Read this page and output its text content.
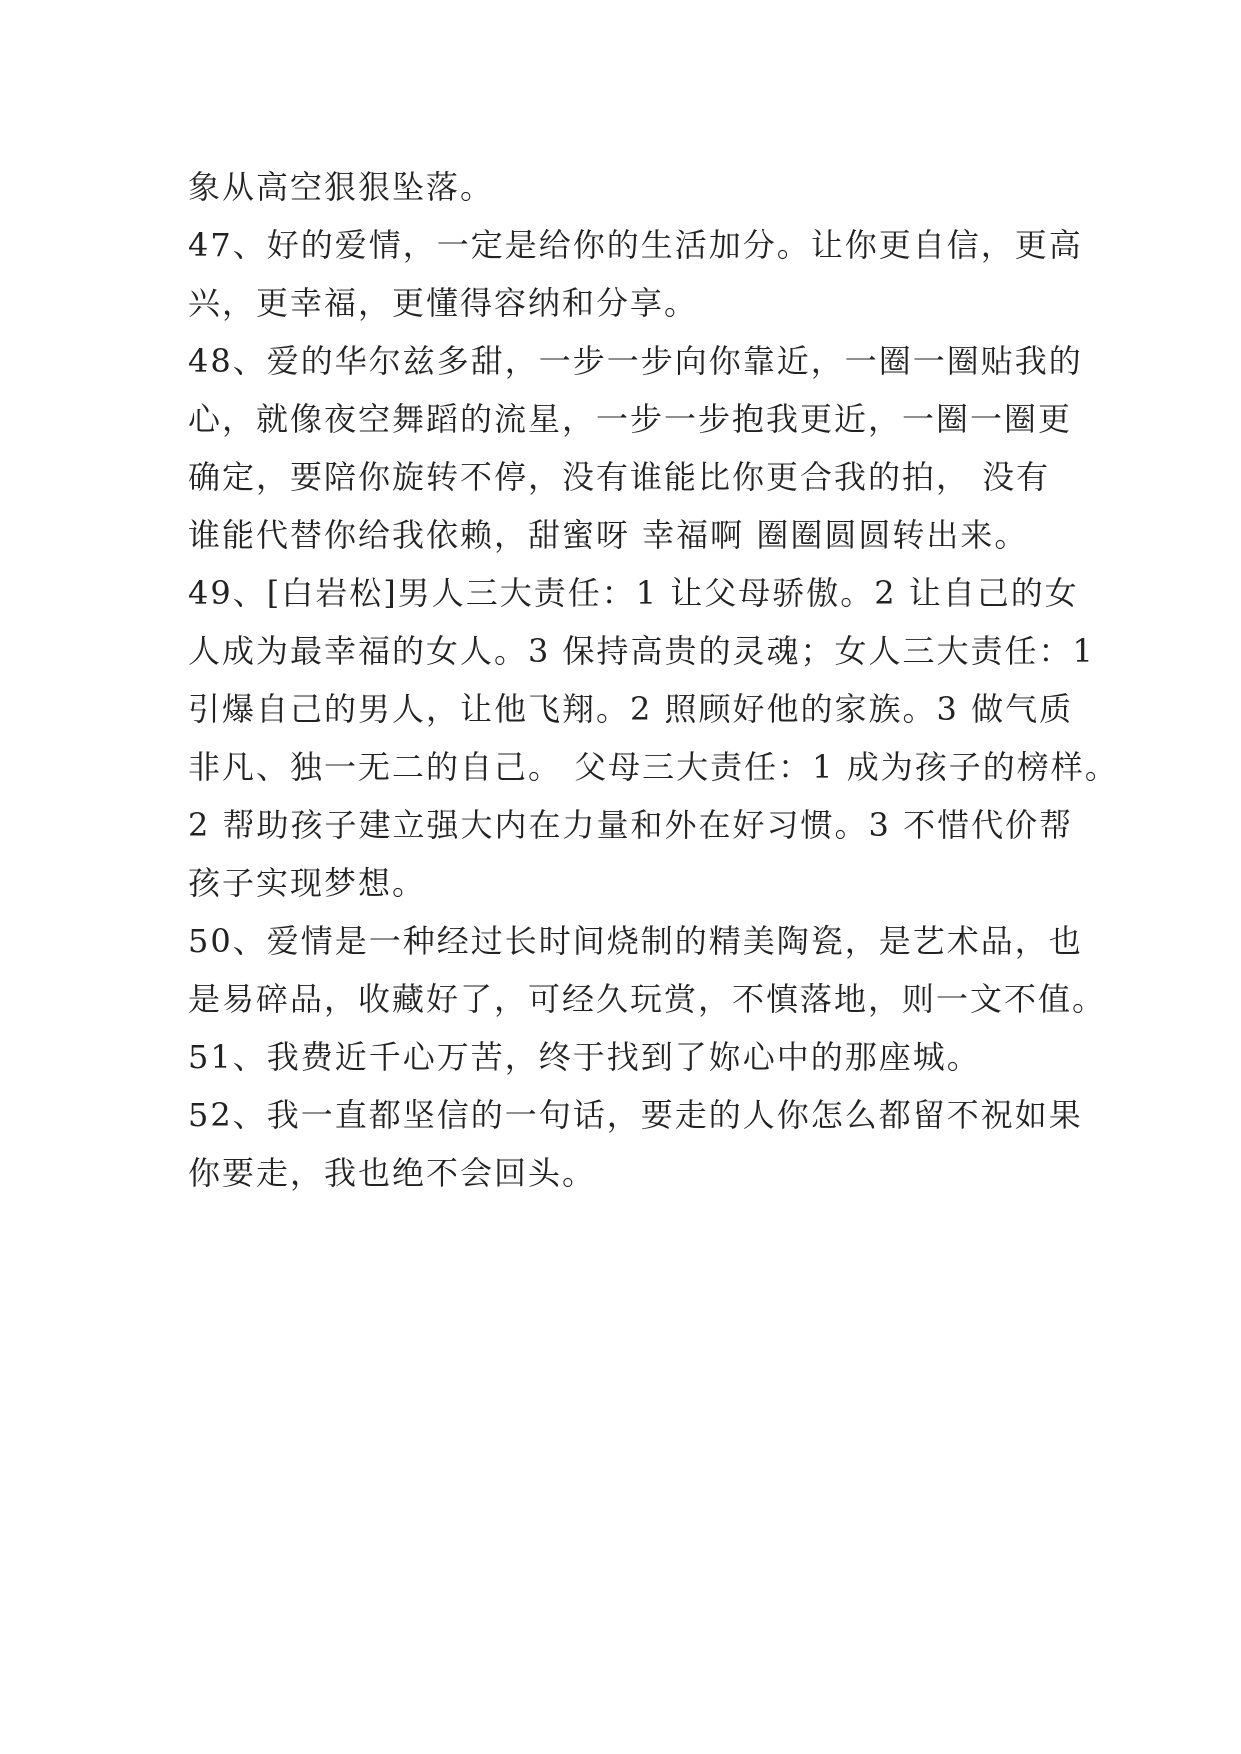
象从高空狠狠坠落。
47、好的爱情，一定是给你的生活加分。让你更自信，更高
兴，更幸福，更懂得容纳和分享。
48、爱的华尔兹多甜，一步一步向你靠近，一圈一圈贴我的
心，就像夜空舞蹈的流星，一步一步抱我更近，一圈一圈更
确定，要陪你旋转不停，没有谁能比你更合我的拍， 没有
谁能代替你给我依赖，甜蜜呀 幸福啊 圈圈圆圆转出来。
49、[白岩松]男人三大责任：1 让父母骄傲。2 让自己的女
人成为最幸福的女人。3 保持高贵的灵魂；女人三大责任：1
引爆自己的男人，让他飞翔。2 照顾好他的家族。3 做气质
非凡、独一无二的自己。 父母三大责任：1 成为孩子的榜样。
2 帮助孩子建立强大内在力量和外在好习惯。3 不惜代价帮
孩子实现梦想。
50、爱情是一种经过长时间烧制的精美陶瓷，是艺术品，也
是易碎品，收藏好了，可经久玩赏，不慎落地，则一文不值。
51、我费近千心万苦，终于找到了妳心中的那座城。
52、我一直都坚信的一句话，要走的人你怎么都留不祝如果
你要走，我也绝不会回头。
